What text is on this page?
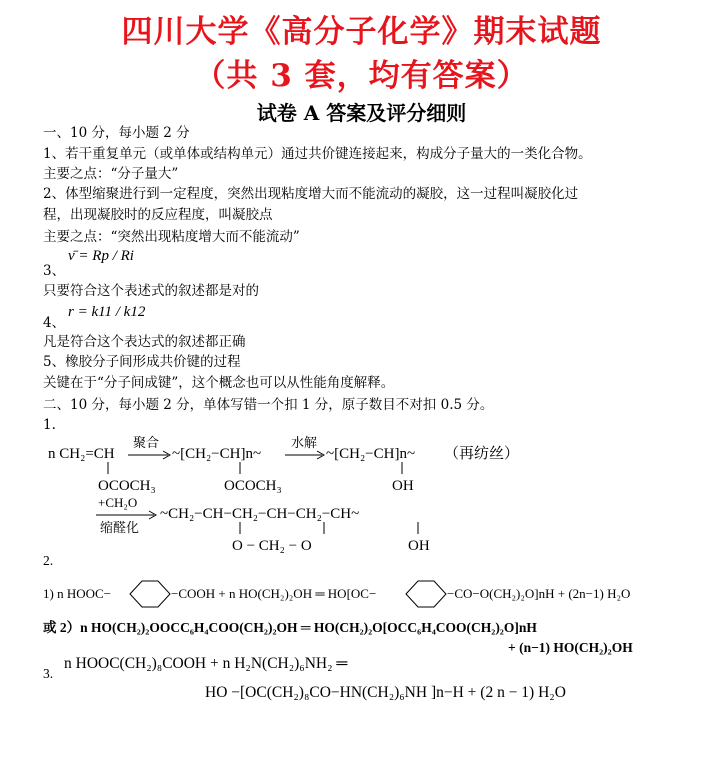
四川大学《高分子化学》期末试题
（共 3 套，均有答案）
试卷 A 答案及评分细则
一、10 分，每小题 2 分
1、若干重复单元（或单体或结构单元）通过共价键连接起来，构成分子量大的一类化合物。
主要之点：“分子量大”
2、体型缩聚进行到一定程度，突然出现粘度增大而不能流动的凝胶，这一过程叫凝胶化过
程，出现凝胶时的反应程度，叫凝胶点
主要之点：“突然出现粘度增大而不能流动”
3、
ν̄ = Rp / Ri
只要符合这个表述式的叙述都是对的
4、
r = k11 / k12
凡是符合这个表达式的叙述都正确
5、橡胶分子间形成共价键的过程
关键在于“分子间成键”，这个概念也可以从性能角度解释。
二、10 分，每小题 2 分，单体写错一个扣 1 分，原子数目不对扣 0.5 分。
1.
n CH₂=CH
OCOCH₃
聚合
~[CH₂−CH]n~
OCOCH₃
水解
~[CH₂−CH]n~
OH
（再纺丝）
+CH₂O
缩醛化
~CH₂−CH−CH₂−CH−CH₂−CH~
O − CH₂ − O	OH
2.
1) n HOOC−	−COOH + n HO(CH₂)₂OH ═ HO[OC−	−CO−O(CH₂)₂O]nH + (2n−1) H₂O
或 2）n HO(CH₂)₂OOCC₆H₄COO(CH₂)₂OH ═ HO(CH₂)₂O[OCC₆H₄COO(CH₂)₂O]nH
+ (n−1) HO(CH₂)₂OH
3.
n HOOC(CH₂)₈COOH + n H₂N(CH₂)₆NH₂ ═
HO −[OC(CH₂)₈CO−HN(CH₂)₆NH ]n−H + (2 n − 1) H₂O
